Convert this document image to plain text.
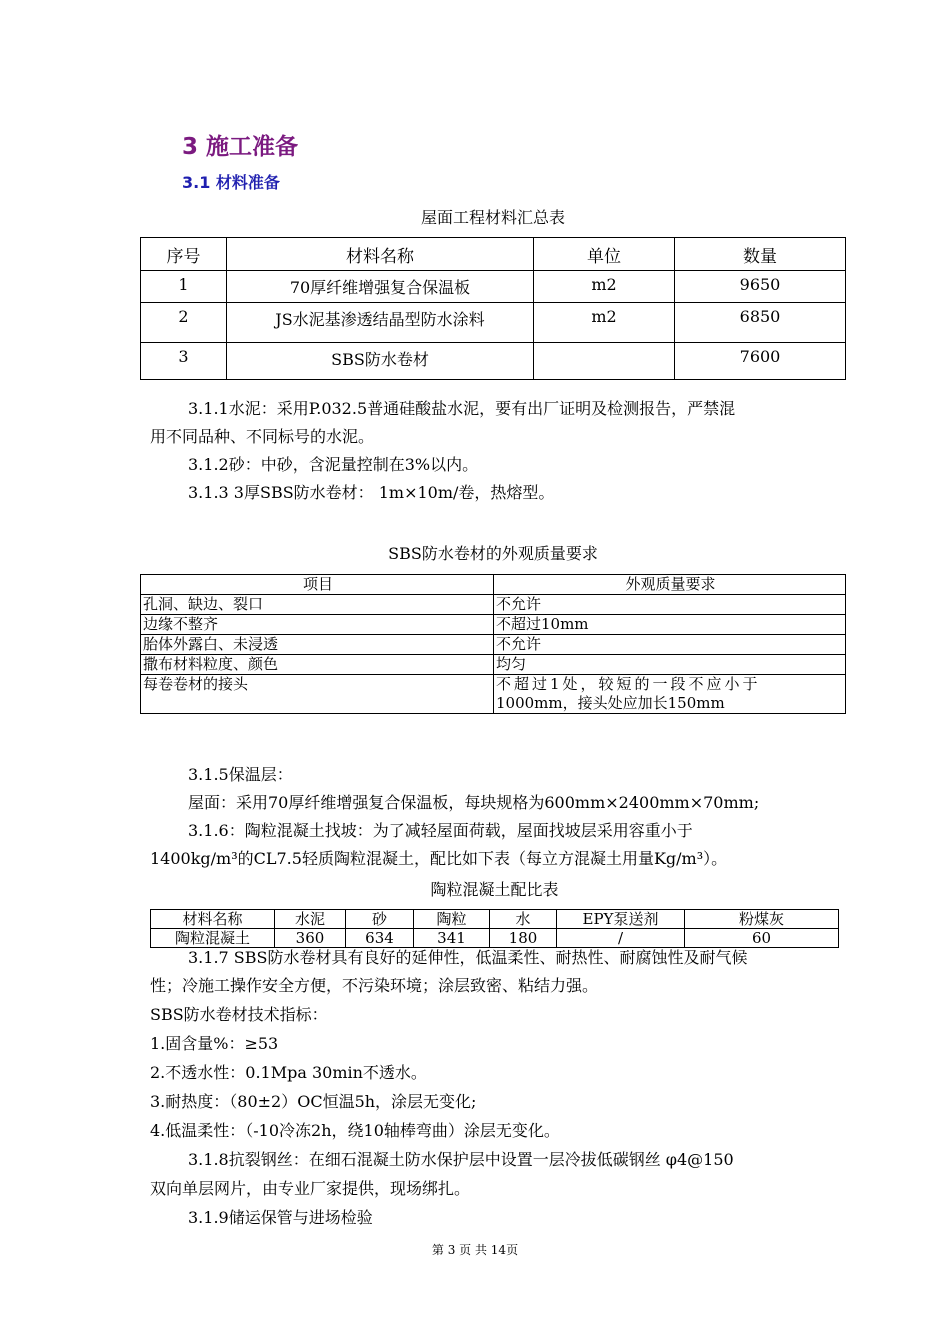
3 施工准备
3.1 材料准备
屋面工程材料汇总表
序号	材料名称	单位	数量
1	70厚纤维增强复合保温板	m2	9650
2	JS水泥基渗透结晶型防水涂料	m2	6850
3	SBS防水卷材		7600
3.1.1水泥：采用P.032.5普通硅酸盐水泥，要有出厂证明及检测报告，严禁混
用不同品种、不同标号的水泥。
3.1.2砂：中砂，含泥量控制在3%以内。
3.1.3 3厚SBS防水卷材： 1m×10m/卷，热熔型。
SBS防水卷材的外观质量要求
项目	外观质量要求
孔洞、缺边、裂口	不允许
边缘不整齐	不超过10mm
胎体外露白、未浸透	不允许
撒布材料粒度、颜色	均匀
每卷卷材的接头	不超过1处，较短的一段不应小于
1000mm，接头处应加长150mm
3.1.5保温层：
屋面：采用70厚纤维增强复合保温板，每块规格为600mm×2400mm×70mm;
3.1.6：陶粒混凝土找坡：为了减轻屋面荷载，屋面找坡层采用容重小于
1400kg/m³的CL7.5轻质陶粒混凝土，配比如下表（每立方混凝土用量Kg/m³）。
陶粒混凝土配比表
材料名称	水泥	砂	陶粒	水	EPY泵送剂	粉煤灰
陶粒混凝土	360	634	341	180	/	60
3.1.7 SBS防水卷材具有良好的延伸性，低温柔性、耐热性、耐腐蚀性及耐气候
性；冷施工操作安全方便，不污染环境；涂层致密、粘结力强。
SBS防水卷材技术指标：
1.固含量%：≥53
2.不透水性：0.1Mpa 30min不透水。
3.耐热度：（80±2）OC恒温5h，涂层无变化;
4.低温柔性：（-10冷冻2h，绕10轴棒弯曲）涂层无变化。
3.1.8抗裂钢丝：在细石混凝土防水保护层中设置一层冷拔低碳钢丝 φ4@150
双向单层网片，由专业厂家提供，现场绑扎。
3.1.9储运保管与进场检验
第 3 页 共 14页
